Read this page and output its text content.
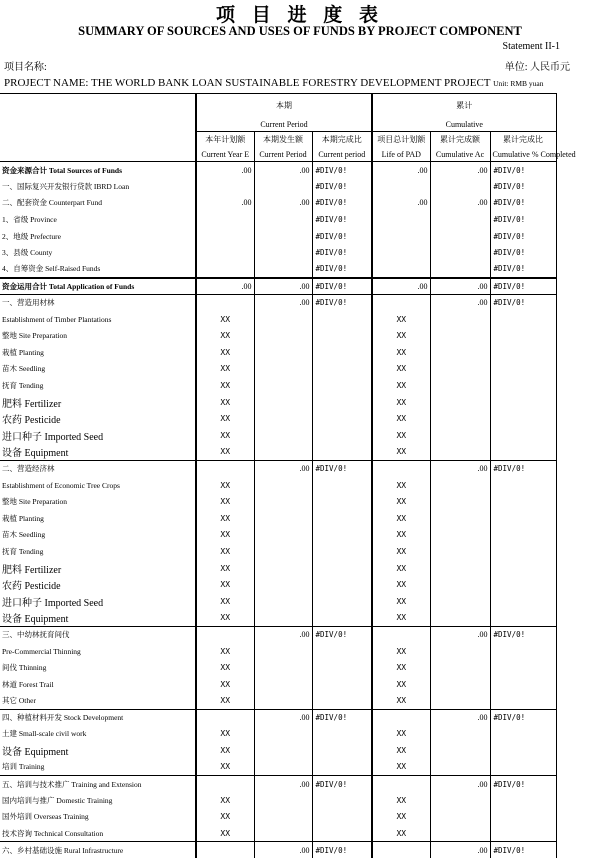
项 目 进 度 表
SUMMARY OF SOURCES AND USES OF FUNDS BY PROJECT COMPONENT
Statement II-1
项目名称:	单位: 人民币元
PROJECT NAME: THE WORLD BANK LOAN SUSTAINABLE FORESTRY DEVELOPMENT PROJECT Unit: RMB yuan
	本期			累计		
	Current Period			Cumulative		
	本年计划额	本期发生额	本期完成比	项目总计划额	累计完成额	累计完成比
	Current Year E	Current Period	Current period	Life of PAD	Cumulative Ac	Cumulative % Completed
资金来源合计 Total Sources of Funds	.00	.00	#DIV/0!	.00	.00	#DIV/0!
一、国际复兴开发银行贷款 IBRD Loan			#DIV/0!			#DIV/0!
二、配套资金 Counterpart Fund	.00	.00	#DIV/0!	.00	.00	#DIV/0!
1、省级 Province			#DIV/0!			#DIV/0!
2、地级 Prefecture			#DIV/0!			#DIV/0!
3、县级 County			#DIV/0!			#DIV/0!
4、自筹资金 Self-Raised Funds			#DIV/0!			#DIV/0!
资金运用合计 Total Application of Funds	.00	.00	#DIV/0!	.00	.00	#DIV/0!
一、营造用材林		.00	#DIV/0!		.00	#DIV/0!
Establishment of Timber Plantations	XX			XX		
整地 Site Preparation	XX			XX		
栽植 Planting	XX			XX		
苗木 Seedling	XX			XX		
抚育 Tending	XX			XX		
肥料 Fertilizer	XX			XX		
农药 Pesticide	XX			XX		
进口种子 Imported Seed	XX			XX		
设备 Equipment	XX			XX		
二、营造经济林		.00	#DIV/0!		.00	#DIV/0!
Establishment of Economic Tree Crops	XX			XX		
整地 Site Preparation	XX			XX		
栽植 Planting	XX			XX		
苗木 Seedling	XX			XX		
抚育 Tending	XX			XX		
肥料 Fertilizer	XX			XX		
农药 Pesticide	XX			XX		
进口种子 Imported Seed	XX			XX		
设备 Equipment	XX			XX		
三、中幼林抚育间伐		.00	#DIV/0!		.00	#DIV/0!
Pre-Commercial Thinning	XX			XX		
间伐 Thinning	XX			XX		
林道 Forest Trail	XX			XX		
其它 Other	XX			XX		
四、种植材料开发 Stock Development		.00	#DIV/0!		.00	#DIV/0!
土建 Small-scale civil work	XX			XX		
设备 Equipment	XX			XX		
培训 Training	XX			XX		
五、培训与技术推广 Training and Extension		.00	#DIV/0!		.00	#DIV/0!
国内培训与推广 Domestic Training	XX			XX		
国外培训 Overseas Training	XX			XX		
技术咨询 Technical Consultation	XX			XX		
六、乡村基础设施 Rural Infrastructure		.00	#DIV/0!		.00	#DIV/0!
